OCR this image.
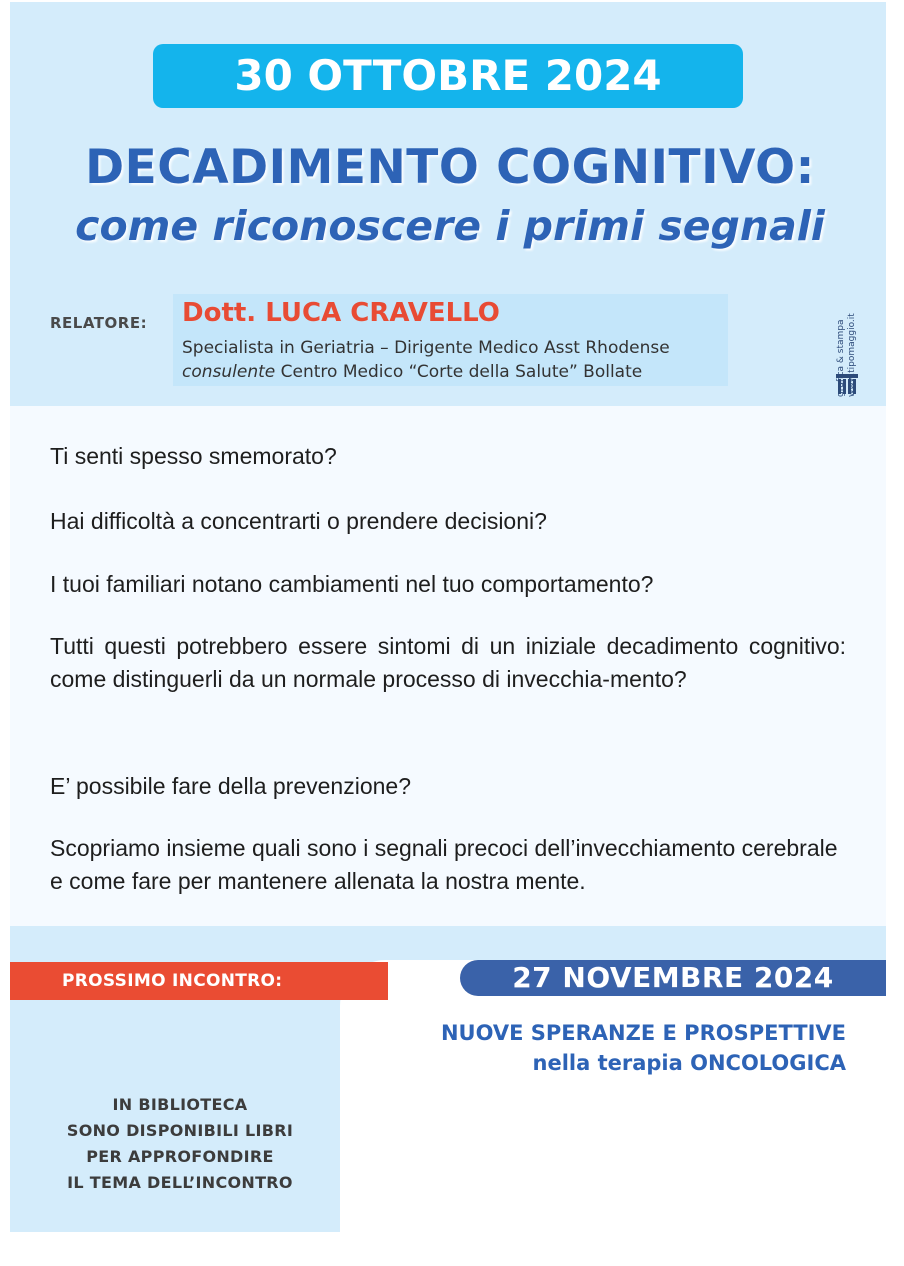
30 OTTOBRE 2024
DECADIMENTO COGNITIVO:
come riconoscere i primi segnali
RELATORE: Dott. LUCA CRAVELLO
Specialista in Geriatria – Dirigente Medico Asst Rhodense
consulente Centro Medico “Corte della Salute” Bollate	grafica & stampa www.tipomaggio.it
Ti senti spesso smemorato?
Hai difficoltà a concentrarti o prendere decisioni?
I tuoi familiari notano cambiamenti nel tuo comportamento?
Tutti questi potrebbero essere sintomi di un iniziale decadimento cognitivo: come distinguerli da un normale processo di invecchia-mento?
E’ possibile fare della prevenzione?
Scopriamo insieme quali sono i segnali precoci dell’invecchiamento cerebrale e come fare per mantenere allenata la nostra mente.
PROSSIMO INCONTRO:	27 NOVEMBRE 2024
NUOVE SPERANZE E PROSPETTIVE
nella terapia ONCOLOGICA
IN BIBLIOTECA
SONO DISPONIBILI LIBRI
PER APPROFONDIRE
IL TEMA DELL’INCONTRO
